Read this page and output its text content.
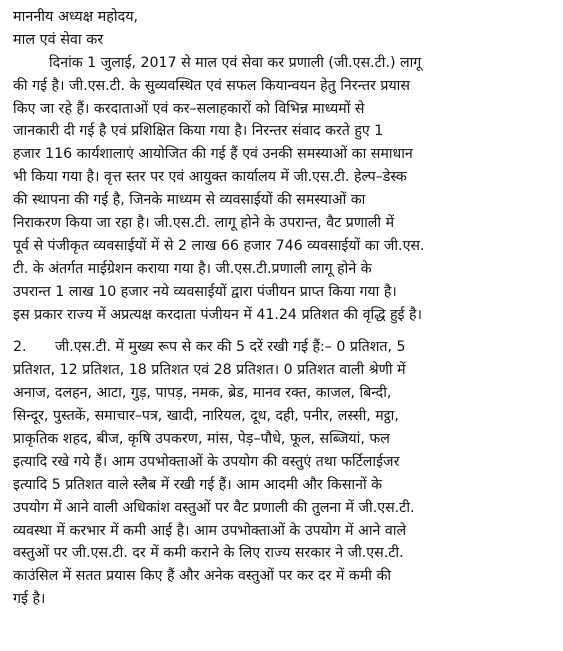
माननीय अध्यक्ष महोदय,
माल एवं सेवा कर
दिनांक 1 जुलाई, 2017 से माल एवं सेवा कर प्रणाली (जी.एस.टी.) लागू
की गई है। जी.एस.टी. के सुव्यवस्थित एवं सफल कियान्वयन हेतु निरन्तर प्रयास
किए जा रहे हैं। करदाताओं एवं कर–सलाहकारों को विभिन्न माध्यमों से
जानकारी दी गई है एवं प्रशिक्षित किया गया है। निरन्तर संवाद करते हुए 1
हजार 116 कार्यशालाएं आयोजित की गई हैं एवं उनकी समस्याओं का समाधान
भी किया गया है। वृत्त स्तर पर एवं आयुक्त कार्यालय में जी.एस.टी. हेल्प–डेस्क
की स्थापना की गई है, जिनके माध्यम से व्यवसाईयों की समस्याओं का
निराकरण किया जा रहा है। जी.एस.टी. लागू होने के उपरान्त, वैट प्रणाली में
पूर्व से पंजीकृत व्यवसाईयों में से 2 लाख 66 हजार 746 व्यवसाईयों का जी.एस.
टी. के अंतर्गत माईग्रेशन कराया गया है। जी.एस.टी.प्रणाली लागू होने के
उपरान्त 1 लाख 10 हजार नये व्यवसाईयों द्वारा पंजीयन प्राप्त किया गया है।
इस प्रकार राज्य में अप्रत्यक्ष करदाता पंजीयन में 41.24 प्रतिशत की वृद्धि हुई है।
2. जी.एस.टी. में मुख्य रूप से कर की 5 दरें रखी गई हैं:– 0 प्रतिशत, 5
प्रतिशत, 12 प्रतिशत, 18 प्रतिशत एवं 28 प्रतिशत। 0 प्रतिशत वाली श्रेणी में
अनाज, दलहन, आटा, गुड़, पापड़, नमक, ब्रेड, मानव रक्त, काजल, बिन्दी,
सिन्दूर, पुस्तकें, समाचार–पत्र, खादी, नारियल, दूध, दही, पनीर, लस्सी, मट्ठा,
प्राकृतिक शहद, बीज, कृषि उपकरण, मांस, पेड़–पौधे, फूल, सब्जियां, फल
इत्यादि रखे गये हैं। आम उपभोक्ताओं के उपयोग की वस्तुएं तथा फर्टिलाईजर
इत्यादि 5 प्रतिशत वाले स्लैब में रखी गई हैं। आम आदमी और किसानों के
उपयोग में आने वाली अधिकांश वस्तुओं पर वैट प्रणाली की तुलना में जी.एस.टी.
व्यवस्था में करभार में कमी आई है। आम उपभोक्ताओं के उपयोग में आने वाले
वस्तुओं पर जी.एस.टी. दर में कमी कराने के लिए राज्य सरकार ने जी.एस.टी.
काउंसिल में सतत प्रयास किए हैं और अनेक वस्तुओं पर कर दर में कमी की
गई है।
